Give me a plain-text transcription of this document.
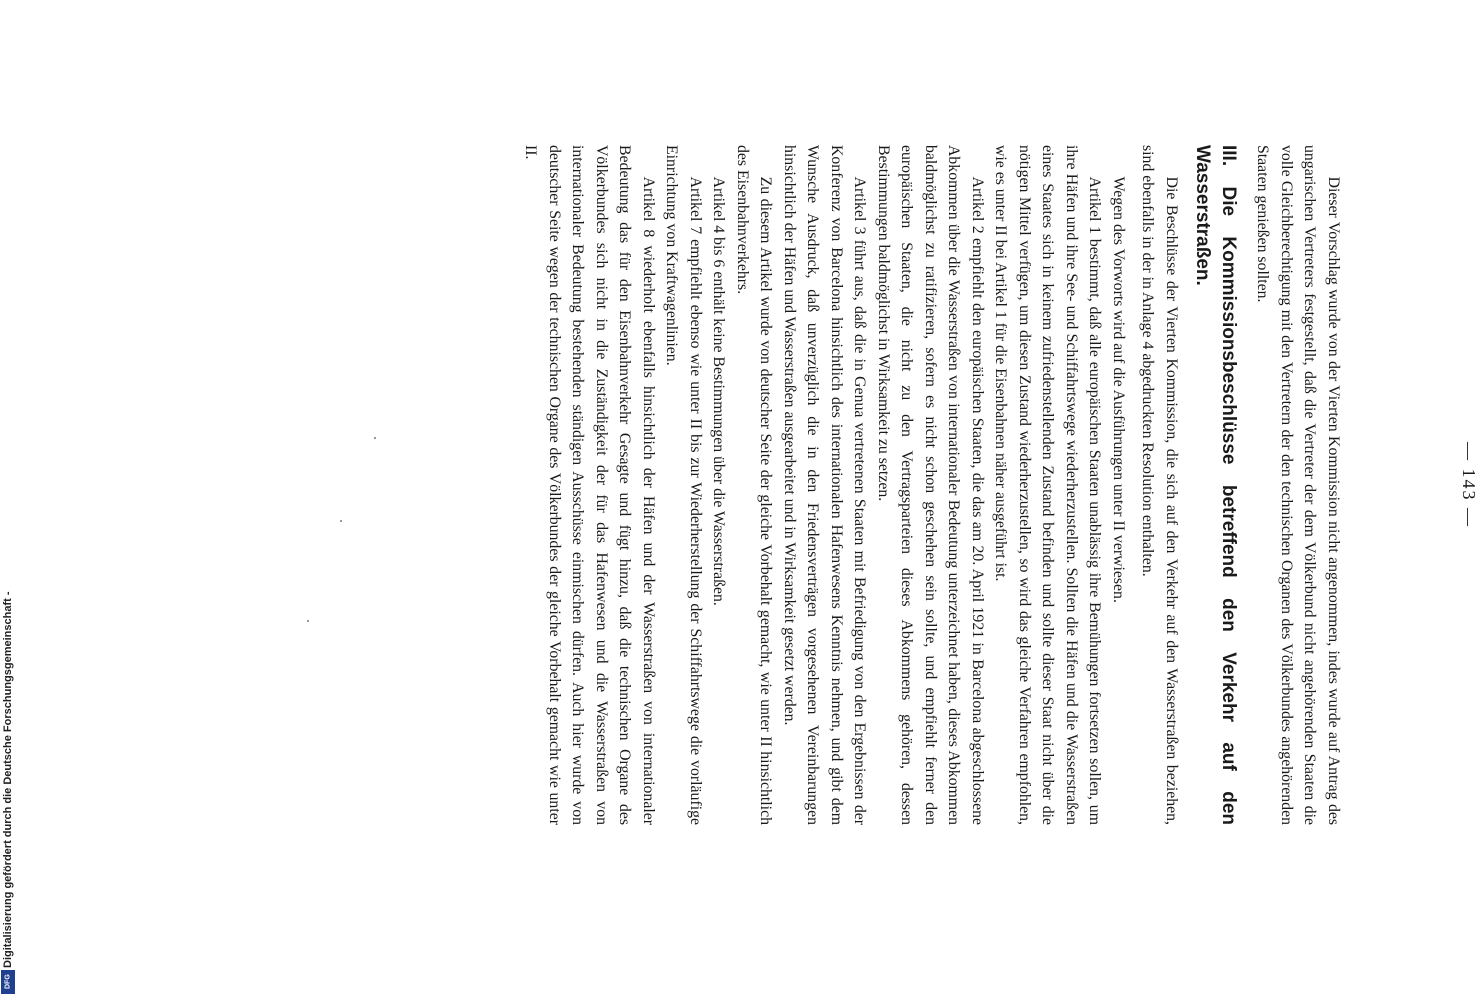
— 143 —

Dieser Vorschlag wurde von der Vierten Kommission nicht angenommen, indes wurde auf Antrag des ungarischen Vertreters festgestellt, daß die Vertreter der dem Völkerbund nicht angehörenden Staaten die volle Gleichberechtigung mit den Vertretern der den technischen Organen des Völkerbundes angehörenden Staaten genießen sollten.

III. Die Kommissionsbeschlüsse betreffend den Verkehr auf den Wasserstraßen.

Die Beschlüsse der Vierten Kommission, die sich auf den Verkehr auf den Wasserstraßen beziehen, sind ebenfalls in der in Anlage 4 abgedruckten Resolution enthalten.

Wegen des Vorworts wird auf die Ausführungen unter II verwiesen.

Artikel 1 bestimmt, daß alle europäischen Staaten unablässig ihre Bemühungen fortsetzen sollen, um ihre Häfen und ihre See- und Schiffahrtswege wiederherzustellen. Sollten die Häfen und die Wasserstraßen eines Staates sich in keinem zufriedenstellenden Zustand befinden und sollte dieser Staat nicht über die nötigen Mittel verfügen, um diesen Zustand wiederherzustellen, so wird das gleiche Verfahren empfohlen, wie es unter II bei Artikel 1 für die Eisenbahnen näher ausgeführt ist.

Artikel 2 empfiehlt den europäischen Staaten, die das am 20. April 1921 in Barcelona abgeschlossene Abkommen über die Wasserstraßen von internationaler Bedeutung unterzeichnet haben, dieses Abkommen baldmöglichst zu ratifizieren, sofern es nicht schon geschehen sein sollte, und empfiehlt ferner den europäischen Staaten, die nicht zu den Vertragsparteien dieses Abkommens gehören, dessen Bestimmungen baldmöglichst in Wirksamkeit zu setzen.

Artikel 3 führt aus, daß die in Genua vertretenen Staaten mit Befriedigung von den Ergebnissen der Konferenz von Barcelona hinsichtlich des internationalen Hafenwesens Kenntnis nehmen, und gibt dem Wunsche Ausdruck, daß unverzüglich die in den Friedensverträgen vorgesehenen Vereinbarungen hinsichtlich der Häfen und Wasserstraßen ausgearbeitet und in Wirksamkeit gesetzt werden.

Zu diesem Artikel wurde von deutscher Seite der gleiche Vorbehalt gemacht, wie unter II hinsichtlich des Eisenbahnverkehrs.

Artikel 4 bis 6 enthält keine Bestimmungen über die Wasserstraßen.

Artikel 7 empfiehlt ebenso wie unter II bis zur Wiederherstellung der Schiffahrtswege die vorläufige Einrichtung von Kraftwagenlinien.

Artikel 8 wiederholt ebenfalls hinsichtlich der Häfen und der Wasserstraßen von internationaler Bedeutung das für den Eisenbahnverkehr Gesagte und fügt hinzu, daß die technischen Organe des Völkerbundes sich nicht in die Zuständigkeit der für das Hafenwesen und die Wasserstraßen von internationaler Bedeutung bestehenden ständigen Ausschüsse einmischen dürfen. Auch hier wurde von deutscher Seite wegen der technischen Organe des Völkerbundes der gleiche Vorbehalt gemacht wie unter II.

Digitalisierung gefördert durch die Deutsche Forschungsgemeinschaft -
DFG
